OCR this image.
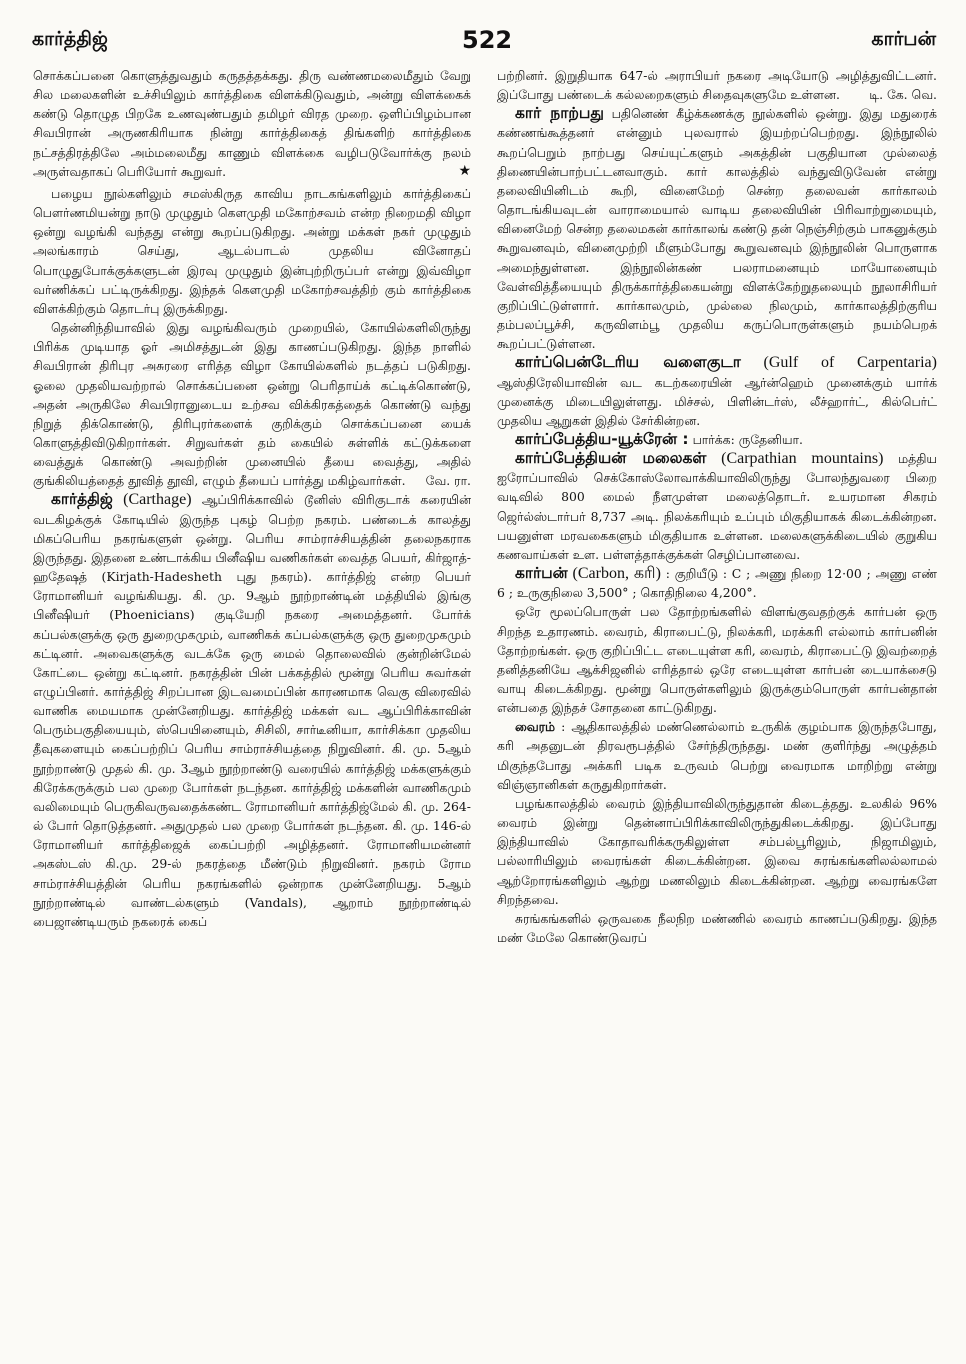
கார்த்திஜ்	522	கார்பன்

சொக்கப்பனை கொளுத்துவதும் கருதத்தக்கது. திரு வண்ணமலைமீதும் வேறு சில மலைகளின் உச்சியிலும் கார்த்திகை விளக்கிடுவதும், அன்று விளக்கைக் கண்டு தொழுத பிறகே உணவுண்பதும் தமிழர் விரத முறை. ஒளிப்பிழம்பான சிவபிரான் அருணகிரியாக நின்று கார்த்திகைத் திங்களிற் கார்த்திகை நட்சத்திரத்திலே அம்மலைமீது காணும் விளக்கை வழிபடுவோர்க்கு நலம் அருள்வதாகப் பெரியோர் கூறுவர்.	★

பழைய நூல்களிலும் சமஸ்கிருத காவிய நாடகங்களிலும் கார்த்திகைப் பௌர்ணமியன்று நாடு முழுதும் கௌமுதி மகோற்சவம் என்ற நிறைமதி விழா ஒன்று வழங்கி வந்தது என்று கூறப்படுகிறது. அன்று மக்கள் நகர் முழுதும் அலங்காரம் செய்து, ஆடல்பாடல் முதலிய வினோதப் பொழுதுபோக்குக்களுடன் இரவு முழுதும் இன்புற்றிருப்பர் என்று இவ்விழா வர்ணிக்கப் பட்டிருக்கிறது. இந்தக் கௌமுதி மகோற்சவத்திற் கும் கார்த்திகை விளக்கிற்கும் தொடர்பு இருக்கிறது.

தென்னிந்தியாவில் இது வழங்கிவரும் முறையில், கோயில்களிலிருந்து பிரிக்க முடியாத ஓர் அமிசத்துடன் இது காணப்படுகிறது. இந்த நாளில் சிவபிரான் திரிபுர அசுரரை எரித்த விழா கோயில்களில் நடத்தப் படுகிறது. ஓலை முதலியவற்றால் சொக்கப்பனை ஒன்று பெரிதாய்க் கட்டிக்கொண்டு, அதன் அருகிலே சிவபிரானுடைய உற்சவ விக்கிரகத்தைக் கொண்டு வந்து நிறுத் திக்கொண்டு, திரிபுரர்களைக் குறிக்கும் சொக்கப்பனை யைக் கொளுத்திவிடுகிறார்கள். சிறுவர்கள் தம் கையில் சுள்ளிக் கட்டுக்களை வைத்துக் கொண்டு அவற்றின் முனையில் தீயை வைத்து, அதில் குங்கிலியத்தைத் தூவித் தூவி, எழும் தீயைப் பார்த்து மகிழ்வார்கள்.	வே. ரா.

கார்த்திஜ் (Carthage) ஆப்பிரிக்காவில் டூனிஸ் விரிகுடாக் கரையின் வடகிழக்குக் கோடியில் இருந்த புகழ் பெற்ற நகரம். பண்டைக் காலத்து மிகப்பெரிய நகரங்களுள் ஒன்று. பெரிய சாம்ராச்சியத்தின் தலைநகராக இருந்தது. இதனை உண்டாக்கிய பினீஷிய வணிகர்கள் வைத்த பெயர், கிர்ஜாத்-ஹதேஷத் (Kirjath-Hadesheth புது நகரம்). கார்த்திஜ் என்ற பெயர் ரோமானியர் வழங்கியது. கி. மு. 9ஆம் நூற்றாண்டின் மத்தியில் இங்கு பினீஷியர் (Phoenicians) குடியேறி நகரை அமைத்தனர். போர்க் கப்பல்களுக்கு ஒரு துறைமுகமும், வாணிகக் கப்பல்களுக்கு ஒரு துறைமுகமும் கட்டினர். அவைகளுக்கு வடக்கே ஒரு மைல் தொலைவில் குன்றின்மேல் கோட்டை ஒன்று கட்டினர். நகரத்தின் பின் பக்கத்தில் மூன்று பெரிய சுவர்கள் எழுப்பினர். கார்த்திஜ் சிறப்பான இடவமைப்பின் காரணமாக வெகு விரைவில் வாணிக மையமாக முன்னேறியது. கார்த்திஜ் மக்கள் வட ஆப்பிரிக்காவின் பெரும்பகுதியையும், ஸ்பெயினையும், சிசிலி, சார்டீனியா, கார்சிக்கா முதலிய தீவுகளையும் கைப்பற்றிப் பெரிய சாம்ராச்சியத்தை நிறுவினர். கி. மு. 5ஆம் நூற்றாண்டு முதல் கி. மு. 3ஆம் நூற்றாண்டு வரையில் கார்த்திஜ் மக்களுக்கும் கிரேக்கருக்கும் பல முறை போர்கள் நடந்தன. கார்த்திஜ் மக்களின் வாணிகமும் வலிமையும் பெருகிவருவதைக்கண்ட ரோமானியர் கார்த்திஜ்மேல் கி. மு. 264-ல் போர் தொடுத்தனர். அதுமுதல் பல முறை போர்கள் நடந்தன. கி. மு. 146-ல் ரோமானியர் கார்த்திஜைக் கைப்பற்றி அழித்தனர். ரோமானியமன்னர் அகஸ்டஸ் கி.மு. 29-ல் நகரத்தை மீண்டும் நிறுவினர். நகரம் ரோம சாம்ராச்சியத்தின் பெரிய நகரங்களில் ஒன்றாக முன்னேறியது. 5ஆம் நூற்றாண்டில் வாண்டல்களும் (Vandals), ஆறாம் நூற்றாண்டில் பைஜாண்டியரும் நகரைக் கைப்

பற்றினர். இறுதியாக 647-ல் அராபியர் நகரை அடியோடு அழித்துவிட்டனர். இப்போது பண்டைக் கல்லறைகளும் சிதைவுகளுமே உள்ளன. டி. கே. வெ.

கார் நாற்பது பதினெண் கீழ்க்கணக்கு நூல்களில் ஒன்று. இது மதுரைக் கண்ணங்கூத்தனர் என்னும் புலவரால் இயற்றப்பெற்றது. இந்நூலில் கூறப்பெறும் நாற்பது செய்யுட்களும் அகத்தின் பகுதியான முல்லைத் திணையின்பாற்பட்டனவாகும். கார் காலத்தில் வந்துவிடுவேன் என்று தலைவியினிடம் கூறி, வினைமேற் சென்ற தலைவன் கார்காலம் தொடங்கியவுடன் வாராமையால் வாடிய தலைவியின் பிரிவாற்றுமையும், வினைமேற் சென்ற தலைமகன் கார்காலங் கண்டு தன் நெஞ்சிற்கும் பாகனுக்கும் கூறுவனவும், வினைமுற்றி மீளும்போது கூறுவனவும் இந்நூலின் பொருளாக அமைந்துள்ளன. இந்நூலின்கண் பலராமனையும் மாயோனையும் வேள்வித்தீயையும் திருக்கார்த்திகையன்று விளக்கேற்றுதலையும் நூலாசிரியர் குறிப்பிட்டுள்ளார். கார்காலமும், முல்லை நிலமும், கார்காலத்திற்குரிய தம்பலப்பூச்சி, கருவிளம்பூ முதலிய கருப்பொருள்களும் நயம்பெறக் கூறப்பட்டுள்ளன.

கார்ப்பென்டேரிய வளைகுடா (Gulf of Carpentaria) ஆஸ்திரேலியாவின் வட கடற்கரையின் ஆர்ன்ஹெம் முனைக்கும் யார்க் முனைக்கு மிடையிலுள்ளது. மிச்சல், பிளின்டர்ஸ், லீச்ஹார்ட், கில்பெர்ட் முதலிய ஆறுகள் இதில் சேர்கின்றன.

கார்ப்பேத்திய-யூக்ரேன் : பார்க்க: ருதேனியா.

கார்ப்பேத்தியன் மலைகள் (Carpathian mountains) மத்திய ஐரோப்பாவில் செக்கோஸ்லோவாக்கியாவிலிருந்து போலந்துவரை பிறை வடிவில் 800 மைல் நீளமுள்ள மலைத்தொடர். உயரமான சிகரம் ஜெர்ல்ஸ்டார்பர் 8,737 அடி. நிலக்கரியும் உப்பும் மிகுதியாகக் கிடைக்கின்றன. பயனுள்ள மரவகைகளும் மிகுதியாக உள்ளன. மலைகளுக்கிடையில் குறுகிய கணவாய்கள் உள. பள்ளத்தாக்குக்கள் செழிப்பானவை.

கார்பன் (Carbon, கரி) : குறியீடு : C ; அணு நிறை 12·00 ; அணு எண் 6 ; உருகுநிலை 3,500° ; கொதிநிலை 4,200°.

ஒரே மூலப்பொருள் பல தோற்றங்களில் விளங்குவதற்குக் கார்பன் ஒரு சிறந்த உதாரணம். வைரம், கிராபைட்டு, நிலக்கரி, மரக்கரி எல்லாம் கார்பனின் தோற்றங்கள். ஒரு குறிப்பிட்ட எடையுள்ள கரி, வைரம், கிராபைட்டு இவற்றைத் தனித்தனியே ஆக்சிஜனில் எரித்தால் ஒரே எடையுள்ள கார்பன் டையாக்சைடு வாயு கிடைக்கிறது. மூன்று பொருள்களிலும் இருக்கும்பொருள் கார்பன்தான் என்பதை இந்தச் சோதனை காட்டுகிறது.

வைரம் : ஆதிகாலத்தில் மண்ணெல்லாம் உருகிக் குழம்பாக இருந்தபோது, கரி அதனுடன் திரவரூபத்தில் சேர்ந்திருந்தது. மண் குளிர்ந்து அழுத்தம் மிகுந்தபோது அக்கரி படிக உருவம் பெற்று வைரமாக மாறிற்று என்று விஞ்ஞானிகள் கருதுகிறார்கள்.

பழங்காலத்தில் வைரம் இந்தியாவிலிருந்துதான் கிடைத்தது. உலகில் 96% வைரம் இன்று தென்னாப்பிரிக்காவிலிருந்துகிடைக்கிறது. இப்போது இந்தியாவில் கோதாவரிக்கருகிலுள்ள சம்பல்பூரிலும், நிஜாமிலும், பல்லாரியிலும் வைரங்கள் கிடைக்கின்றன. இவை சுரங்கங்களிலல்லாமல் ஆற்றோரங்களிலும் ஆற்று மணலிலும் கிடைக்கின்றன. ஆற்று வைரங்களே சிறந்தவை.

சுரங்கங்களில் ஒருவகை நீலநிற மண்ணில் வைரம் காணப்படுகிறது. இந்த மண் மேலே கொண்டுவரப்
